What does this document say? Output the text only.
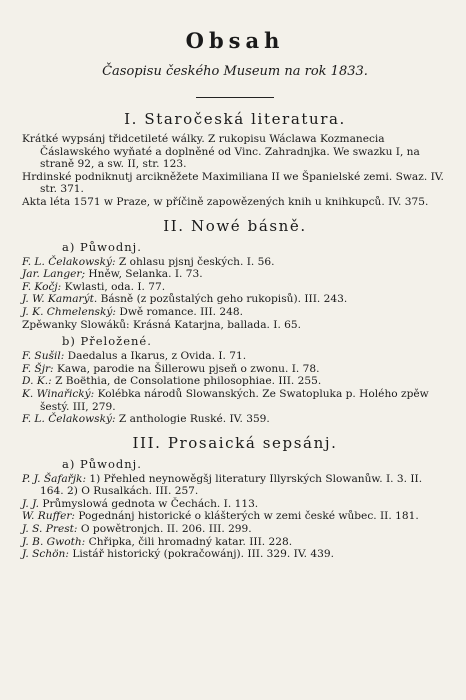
Obsah
Časopisu českého Museum na rok 1833.
I. Staročeská literatura.
Krátké wypsánj třidcetileté wálky. Z rukopisu Wáclawa Kozmanecia Čáslawského wyňaté a doplněné od Vinc. Zahradnjka. We swazku I, na straně 92, a sw. II, str. 123.
Hrdinské podniknutj arcikněžete Maximiliana II we Španielské zemi. Swaz. IV. str. 371.
Akta léta 1571 w Praze, w příčině zapowězených knih u knihkupců. IV. 375.
II. Nowé básně.
a) Půwodnj.
F. L. Čelakowský: Z ohlasu pjsnj českých. I. 56.
Jar. Langer; Hněw, Selanka. I. 73.
F. Kočj: Kwlasti, oda. I. 77.
J. W. Kamarýt. Básně (z pozůstalých geho rukopisů). III. 243.
J. K. Chmelenský: Dwě romance. III. 248.
Zpěwanky Slowáků: Krásná Katarjna, ballada. I. 65.
b) Přeložené.
F. Sušil: Daedalus a Ikarus, z Ovida. I. 71.
F. Šjr: Kawa, parodie na Šillerowu pjseň o zwonu. I. 78.
D. K.: Z Boëthia, de Consolatione philosophiae. III. 255.
K. Winařický: Kolébka národů Slowanských. Ze Swatopluka p. Holého zpěw šestý. III, 279.
F. L. Čelakowský: Z anthologie Ruské. IV. 359.
III. Prosaická sepsánj.
a) Půwodnj.
P. J. Šafařjk: 1) Přehled neynowěgšj literatury Illyrských Slowanůw. I. 3. II. 164. 2) O Rusalkách. III. 257.
J. J. Průmyslowá gednota w Čechách. I. 113.
W. Ruffer: Pogednánj historické o klášterých w zemi české wůbec. II. 181.
J. S. Prest: O powětronjch. II. 206. III. 299.
J. B. Gwoth: Chřipka, čili hromadný katar. III. 228.
J. Schön: Listář historický (pokračowánj). III. 329. IV. 439.
